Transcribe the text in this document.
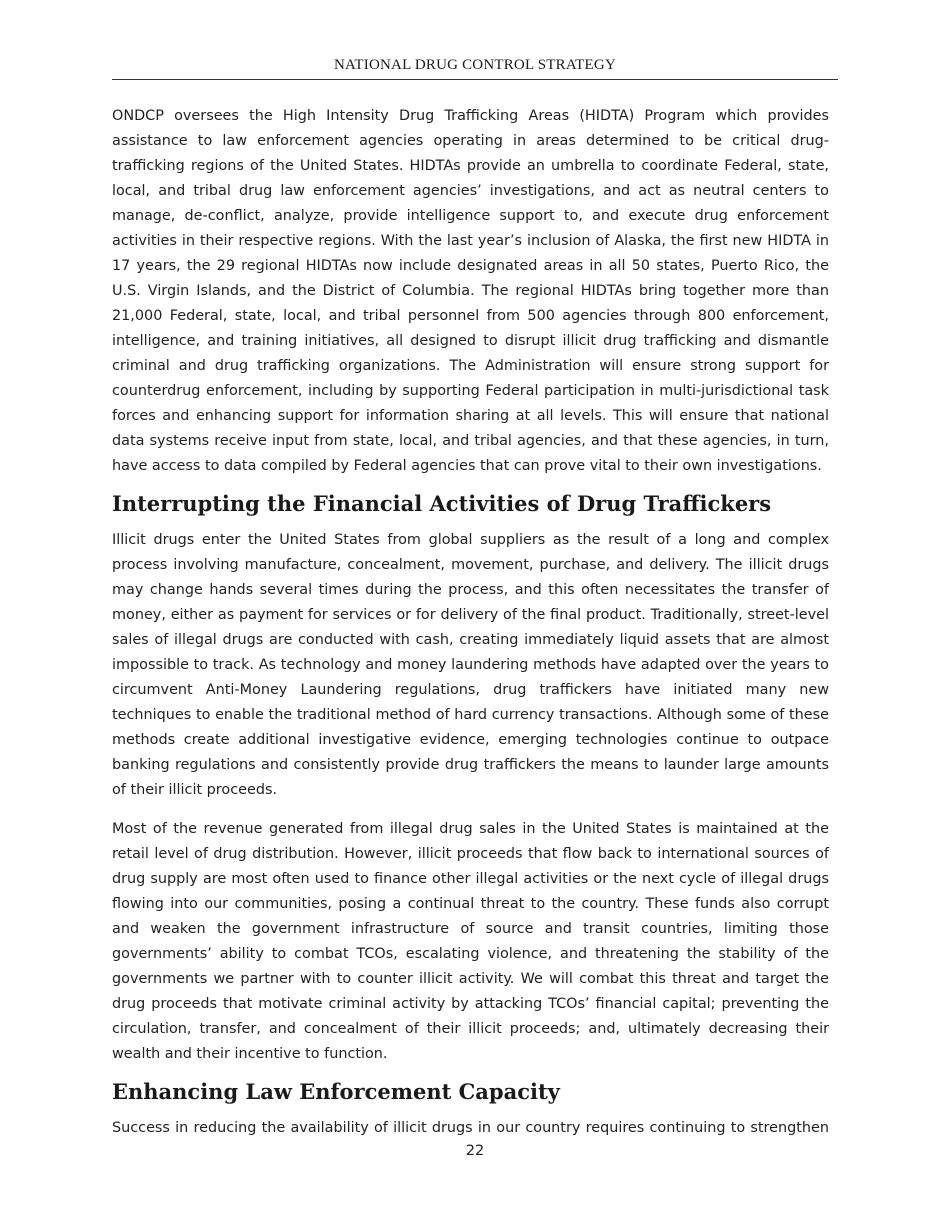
NATIONAL DRUG CONTROL STRATEGY

ONDCP oversees the High Intensity Drug Trafficking Areas (HIDTA) Program which provides assistance to law enforcement agencies operating in areas determined to be critical drug-trafficking regions of the United States. HIDTAs provide an umbrella to coordinate Federal, state, local, and tribal drug law enforcement agencies’ investigations, and act as neutral centers to manage, de-conflict, analyze, provide intelligence support to, and execute drug enforcement activities in their respective regions. With the last year’s inclusion of Alaska, the first new HIDTA in 17 years, the 29 regional HIDTAs now include designated areas in all 50 states, Puerto Rico, the U.S. Virgin Islands, and the District of Columbia. The regional HIDTAs bring together more than 21,000 Federal, state, local, and tribal personnel from 500 agencies through 800 enforcement, intelligence, and training initiatives, all designed to disrupt illicit drug trafficking and dismantle criminal and drug trafficking organizations. The Administration will ensure strong support for counterdrug enforcement, including by supporting Federal participation in multi-jurisdictional task forces and enhancing support for information sharing at all levels. This will ensure that national data systems receive input from state, local, and tribal agencies, and that these agencies, in turn, have access to data compiled by Federal agencies that can prove vital to their own investigations.

Interrupting the Financial Activities of Drug Traffickers

Illicit drugs enter the United States from global suppliers as the result of a long and complex process involving manufacture, concealment, movement, purchase, and delivery. The illicit drugs may change hands several times during the process, and this often necessitates the transfer of money, either as payment for services or for delivery of the final product. Traditionally, street-level sales of illegal drugs are conducted with cash, creating immediately liquid assets that are almost impossible to track. As technology and money laundering methods have adapted over the years to circumvent Anti-Money Laundering regulations, drug traffickers have initiated many new techniques to enable the traditional method of hard currency transactions. Although some of these methods create additional investigative evidence, emerging technologies continue to outpace banking regulations and consistently provide drug traffickers the means to launder large amounts of their illicit proceeds.

Most of the revenue generated from illegal drug sales in the United States is maintained at the retail level of drug distribution. However, illicit proceeds that flow back to international sources of drug supply are most often used to finance other illegal activities or the next cycle of illegal drugs flowing into our communities, posing a continual threat to the country. These funds also corrupt and weaken the government infrastructure of source and transit countries, limiting those governments’ ability to combat TCOs, escalating violence, and threatening the stability of the governments we partner with to counter illicit activity. We will combat this threat and target the drug proceeds that motivate criminal activity by attacking TCOs’ financial capital; preventing the circulation, transfer, and concealment of their illicit proceeds; and, ultimately decreasing their wealth and their incentive to function.

Enhancing Law Enforcement Capacity

Success in reducing the availability of illicit drugs in our country requires continuing to strengthen

22
